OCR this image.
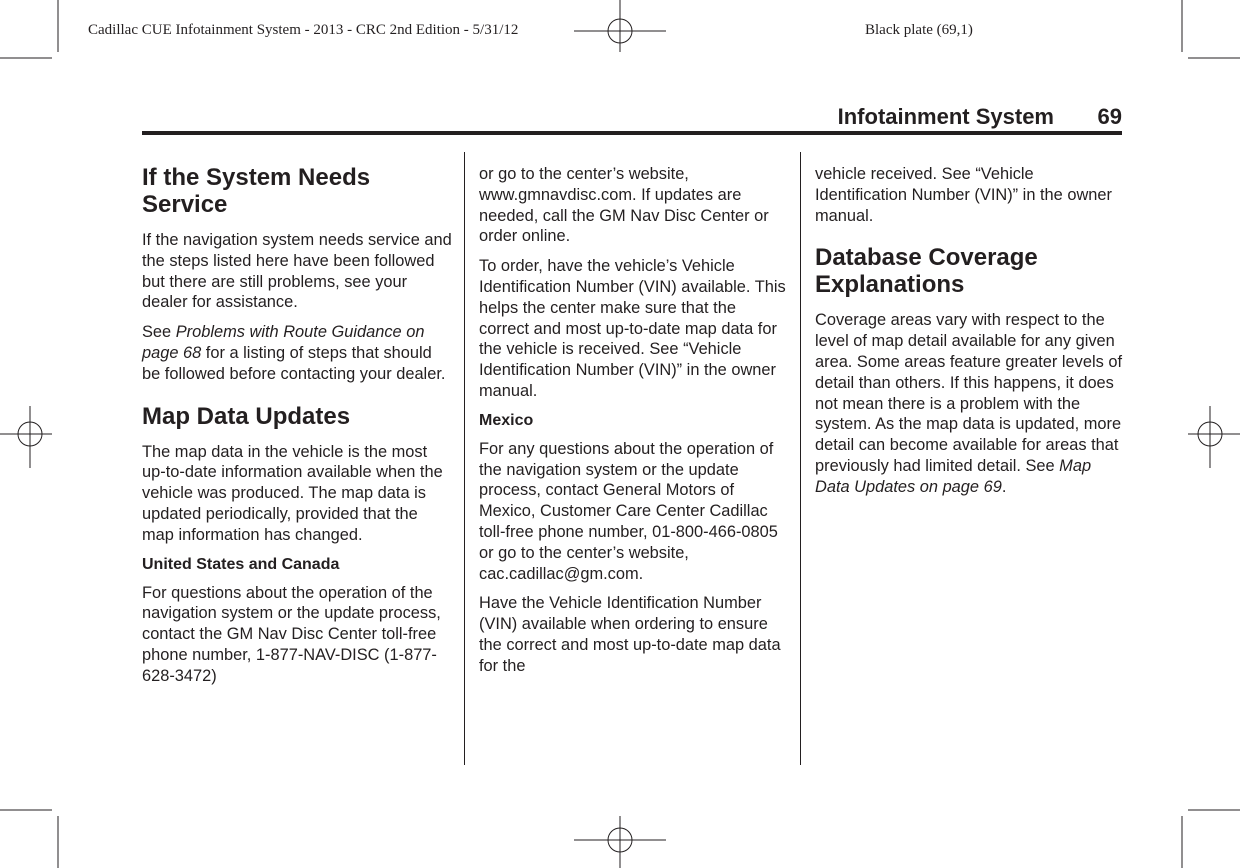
Cadillac CUE Infotainment System - 2013 - CRC 2nd Edition - 5/31/12	Black plate (69,1)
Infotainment System 69
If the System Needs Service

If the navigation system needs service and the steps listed here have been followed but there are still problems, see your dealer for assistance.

See Problems with Route Guidance on page 68 for a listing of steps that should be followed before contacting your dealer.

Map Data Updates

The map data in the vehicle is the most up-to-date information available when the vehicle was produced. The map data is updated periodically, provided that the map information has changed.

United States and Canada

For questions about the operation of the navigation system or the update process, contact the GM Nav Disc Center toll-free phone number, 1-877-NAV-DISC (1-877-628-3472)

or go to the center’s website, www.gmnavdisc.com. If updates are needed, call the GM Nav Disc Center or order online.

To order, have the vehicle’s Vehicle Identification Number (VIN) available. This helps the center make sure that the correct and most up-to-date map data for the vehicle is received. See “Vehicle Identification Number (VIN)” in the owner manual.

Mexico

For any questions about the operation of the navigation system or the update process, contact General Motors of Mexico, Customer Care Center Cadillac toll-free phone number, 01-800-466-0805 or go to the center’s website, cac.cadillac@gm.com.

Have the Vehicle Identification Number (VIN) available when ordering to ensure the correct and most up-to-date map data for the

vehicle received. See “Vehicle Identification Number (VIN)” in the owner manual.

Database Coverage Explanations

Coverage areas vary with respect to the level of map detail available for any given area. Some areas feature greater levels of detail than others. If this happens, it does not mean there is a problem with the system. As the map data is updated, more detail can become available for areas that previously had limited detail. See Map Data Updates on page 69.
